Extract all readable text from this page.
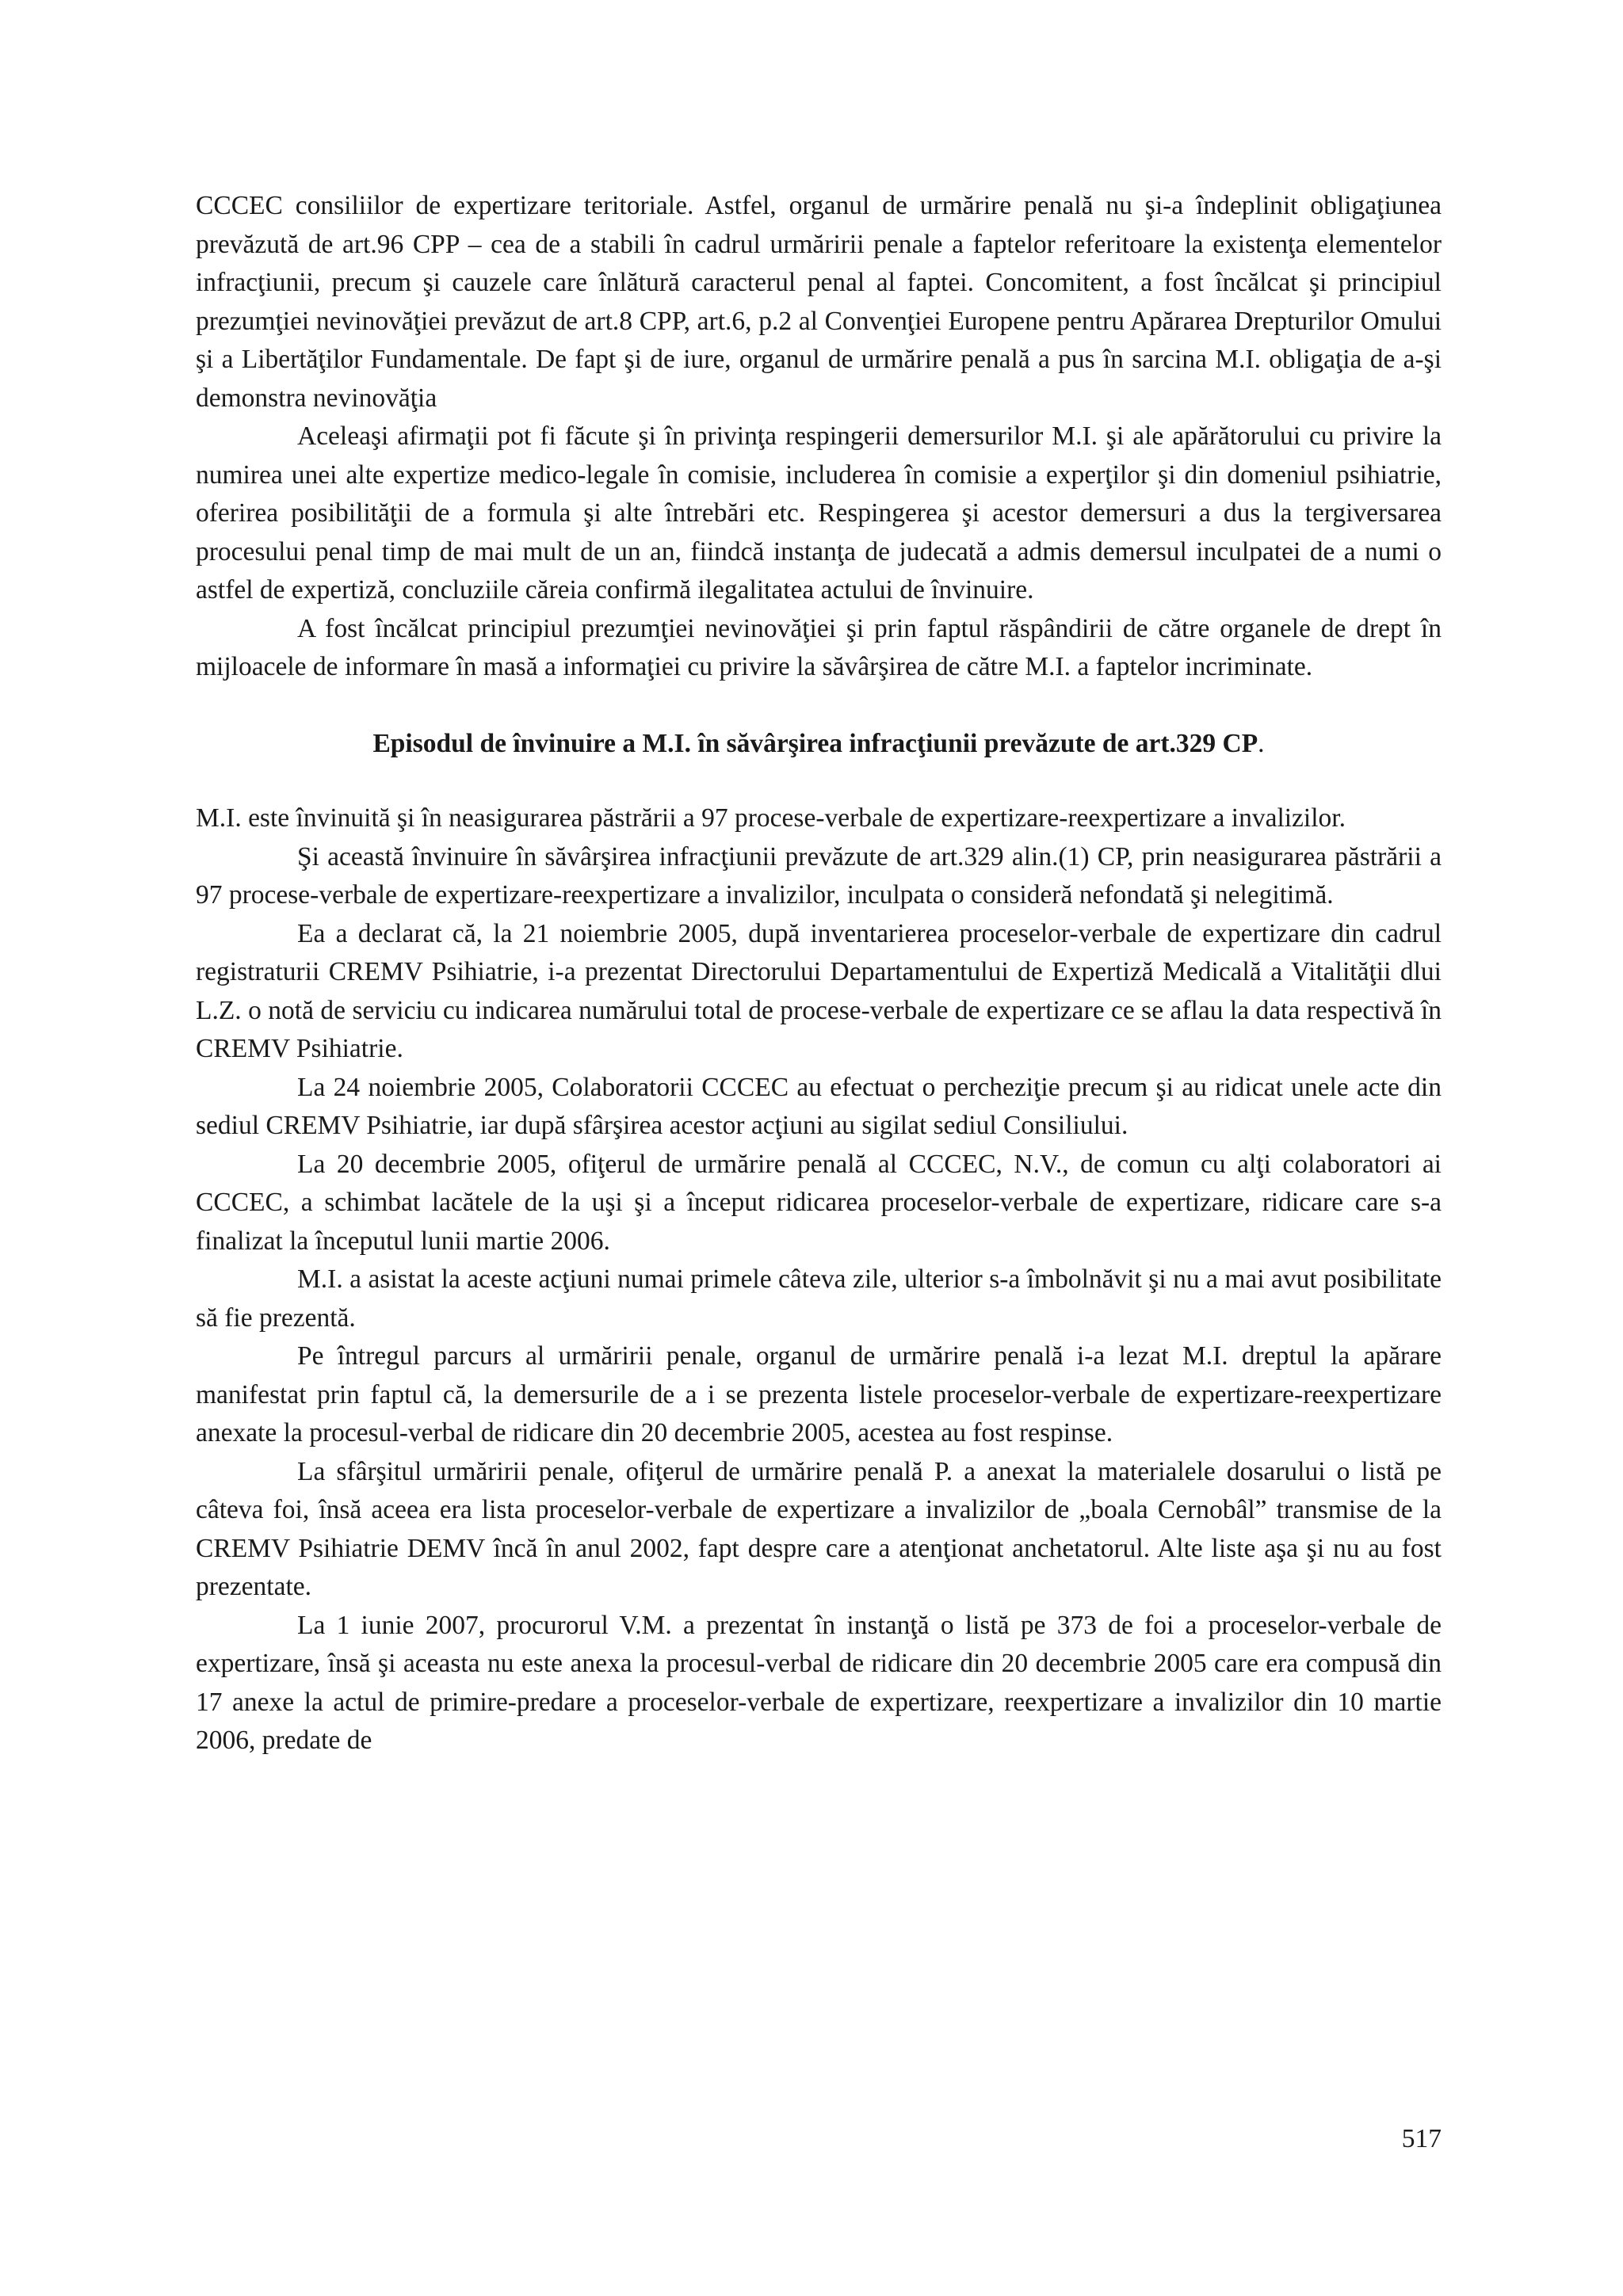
CCCEC consiliilor de expertizare teritoriale. Astfel, organul de urmărire penală nu şi-a îndeplinit obligaţiunea prevăzută de art.96 CPP – cea de a stabili în cadrul urmăririi penale a faptelor referitoare la existenţa elementelor infracţiunii, precum şi cauzele care înlătură caracterul penal al faptei. Concomitent, a fost încălcat şi principiul prezumţiei nevinovăţiei prevăzut de art.8 CPP, art.6, p.2 al Convenţiei Europene pentru Apărarea Drepturilor Omului şi a Libertăţilor Fundamentale. De fapt şi de iure, organul de urmărire penală a pus în sarcina M.I. obligaţia de a-şi demonstra nevinovăţia

Aceleaşi afirmaţii pot fi făcute şi în privinţa respingerii demersurilor M.I. şi ale apărătorului cu privire la numirea unei alte expertize medico-legale în comisie, includerea în comisie a experţilor şi din domeniul psihiatrie, oferirea posibilităţii de a formula şi alte întrebări etc. Respingerea şi acestor demersuri a dus la tergiversarea procesului penal timp de mai mult de un an, fiindcă instanţa de judecată a admis demersul inculpatei de a numi o astfel de expertiză, concluziile căreia confirmă ilegalitatea actului de învinuire.

A fost încălcat principiul prezumţiei nevinovăţiei şi prin faptul răspândirii de către organele de drept în mijloacele de informare în masă a informaţiei cu privire la săvârşirea de către M.I. a faptelor incriminate.

Episodul de învinuire a M.I. în săvârşirea infracţiunii prevăzute de art.329 CP.

M.I. este învinuită şi în neasigurarea păstrării a 97 procese-verbale de expertizare-reexpertizare a invalizilor.

Şi această învinuire în săvârşirea infracţiunii prevăzute de art.329 alin.(1) CP, prin neasigurarea păstrării a 97 procese-verbale de expertizare-reexpertizare a invalizilor, inculpata o consideră nefondată şi nelegitimă.

Ea a declarat că, la 21 noiembrie 2005, după inventarierea proceselor-verbale de expertizare din cadrul registraturii CREMV Psihiatrie, i-a prezentat Directorului Departamentului de Expertiză Medicală a Vitalităţii dlui L.Z. o notă de serviciu cu indicarea numărului total de procese-verbale de expertizare ce se aflau la data respectivă în CREMV Psihiatrie.

La 24 noiembrie 2005, Colaboratorii CCCEC au efectuat o percheziţie precum şi au ridicat unele acte din sediul CREMV Psihiatrie, iar după sfârşirea acestor acţiuni au sigilat sediul Consiliului.

La 20 decembrie 2005, ofiţerul de urmărire penală al CCCEC, N.V., de comun cu alţi colaboratori ai CCCEC, a schimbat lacătele de la uşi şi a început ridicarea proceselor-verbale de expertizare, ridicare care s-a finalizat la începutul lunii martie 2006.

M.I. a asistat la aceste acţiuni numai primele câteva zile, ulterior s-a îmbolnăvit şi nu a mai avut posibilitate să fie prezentă.

Pe întregul parcurs al urmăririi penale, organul de urmărire penală i-a lezat M.I. dreptul la apărare manifestat prin faptul că, la demersurile de a i se prezenta listele proceselor-verbale de expertizare-reexpertizare anexate la procesul-verbal de ridicare din 20 decembrie 2005, acestea au fost respinse.

La sfârşitul urmăririi penale, ofiţerul de urmărire penală P. a anexat la materialele dosarului o listă pe câteva foi, însă aceea era lista proceselor-verbale de expertizare a invalizilor de „boala Cernobâl” transmise de la CREMV Psihiatrie DEMV încă în anul 2002, fapt despre care a atenţionat anchetatorul. Alte liste aşa şi nu au fost prezentate.

La 1 iunie 2007, procurorul V.M. a prezentat în instanţă o listă pe 373 de foi a proceselor-verbale de expertizare, însă şi aceasta nu este anexa la procesul-verbal de ridicare din 20 decembrie 2005 care era compusă din 17 anexe la actul de primire-predare a proceselor-verbale de expertizare, reexpertizare a invalizilor din 10 martie 2006, predate de

517
